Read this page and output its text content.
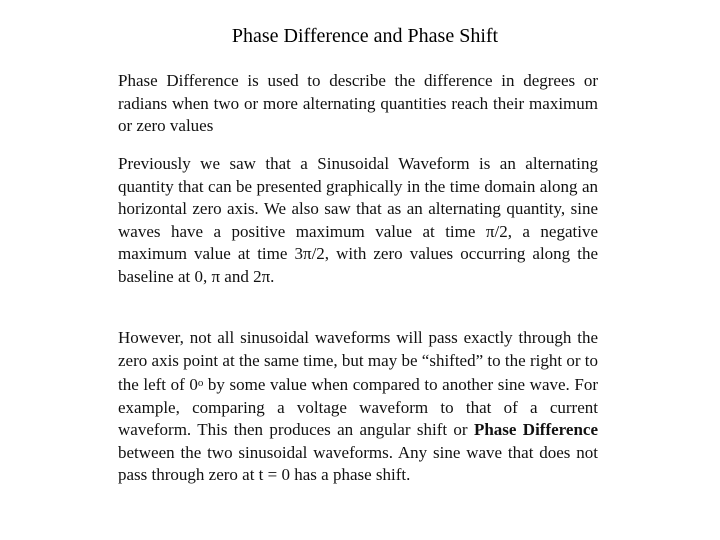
Phase Difference and Phase Shift

Phase Difference is used to describe the difference in degrees or radians when two or more alternating quantities reach their maximum or zero values

Previously we saw that a Sinusoidal Waveform is an alternating quantity that can be presented graphically in the time domain along an horizontal zero axis. We also saw that as an alternating quantity, sine waves have a positive maximum value at time π/2, a negative maximum value at time 3π/2, with zero values occurring along the baseline at 0, π and 2π.

However, not all sinusoidal waveforms will pass exactly through the zero axis point at the same time, but may be “shifted” to the right or to the left of 0$^o$ by some value when compared to another sine wave. For example, comparing a voltage waveform to that of a current waveform. This then produces an angular shift or Phase Difference between the two sinusoidal waveforms. Any sine wave that does not pass through zero at t = 0 has a phase shift.
